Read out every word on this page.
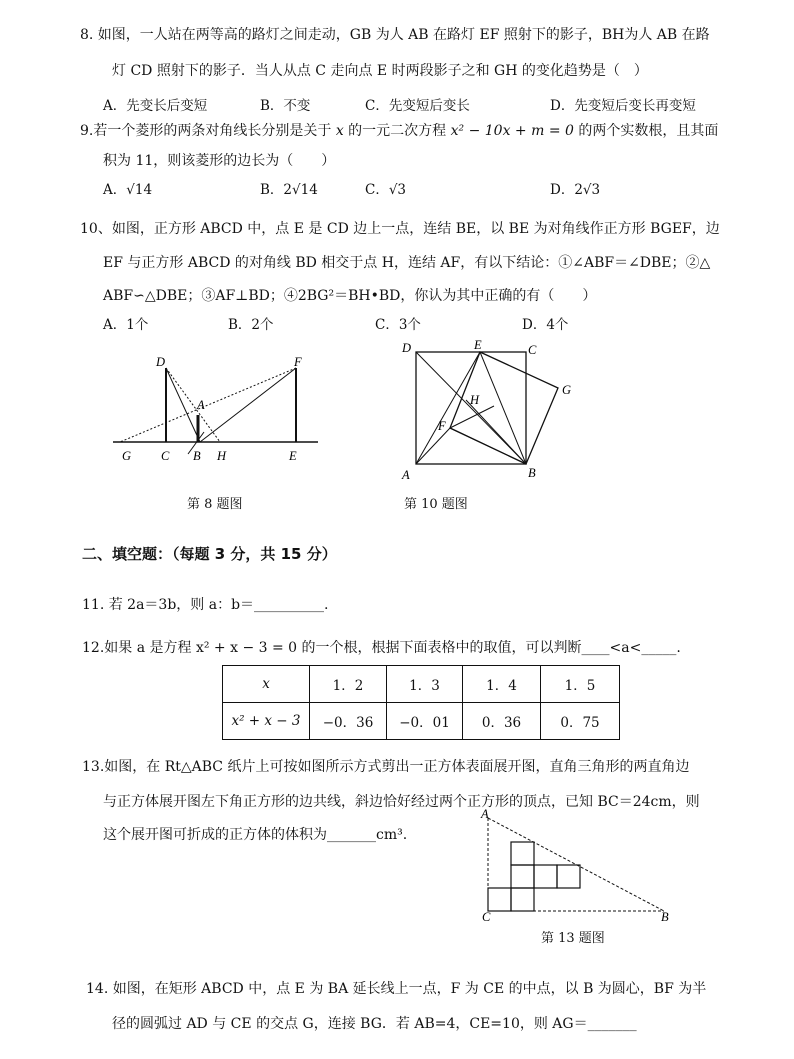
8. 如图，一人站在两等高的路灯之间走动，GB 为人 AB 在路灯 EF 照射下的影子，BH为人 AB 在路
灯 CD 照射下的影子．当人从点 C 走向点 E 时两段影子之和 GH 的变化趋势是（　）
A．先变长后变短	B．不变	C．先变短后变长	D．先变短后变长再变短
9.若一个菱形的两条对角线长分别是关于 x 的一元二次方程 x² − 10x + m = 0 的两个实数根，且其面
积为 11，则该菱形的边长为（　　）
A．√14	B．2√14	C．√3	D．2√3
10、如图，正方形 ABCD 中，点 E 是 CD 边上一点，连结 BE，以 BE 为对角线作正方形 BGEF，边
EF 与正方形 ABCD 的对角线 BD 相交于点 H，连结 AF，有以下结论：①∠ABF＝∠DBE；②△
ABF∽△DBE；③AF⊥BD；④2BG²＝BH•BD，你认为其中正确的有（　　）
A．1个	B．2个	C．3个	D．4个
D	F
A
G C B H	E
第 8 题图
D	E	C
G
H
F
A	B
第 10 题图
二、填空题：（每题 3 分，共 15 分）
11. 若 2a＝3b，则 a：b＝__________.
12.如果 a 是方程 x² + x − 3 = 0 的一个根，根据下面表格中的取值，可以判断____<a<_____.
x	1．2	1．3	1．4	1．5
x² + x − 3	−0．36	−0．01	0．36	0．75
13.如图，在 Rt△ABC 纸片上可按如图所示方式剪出一正方体表面展开图，直角三角形的两直角边
与正方体展开图左下角正方形的边共线，斜边恰好经过两个正方形的顶点，已知 BC＝24cm，则
这个展开图可折成的正方体的体积为_______cm³.
A
B
C
第 13 题图
14. 如图，在矩形 ABCD 中，点 E 为 BA 延长线上一点，F 为 CE 的中点，以 B 为圆心，BF 为半
径的圆弧过 AD 与 CE 的交点 G，连接 BG．若 AB=4，CE=10，则 AG＝_______
